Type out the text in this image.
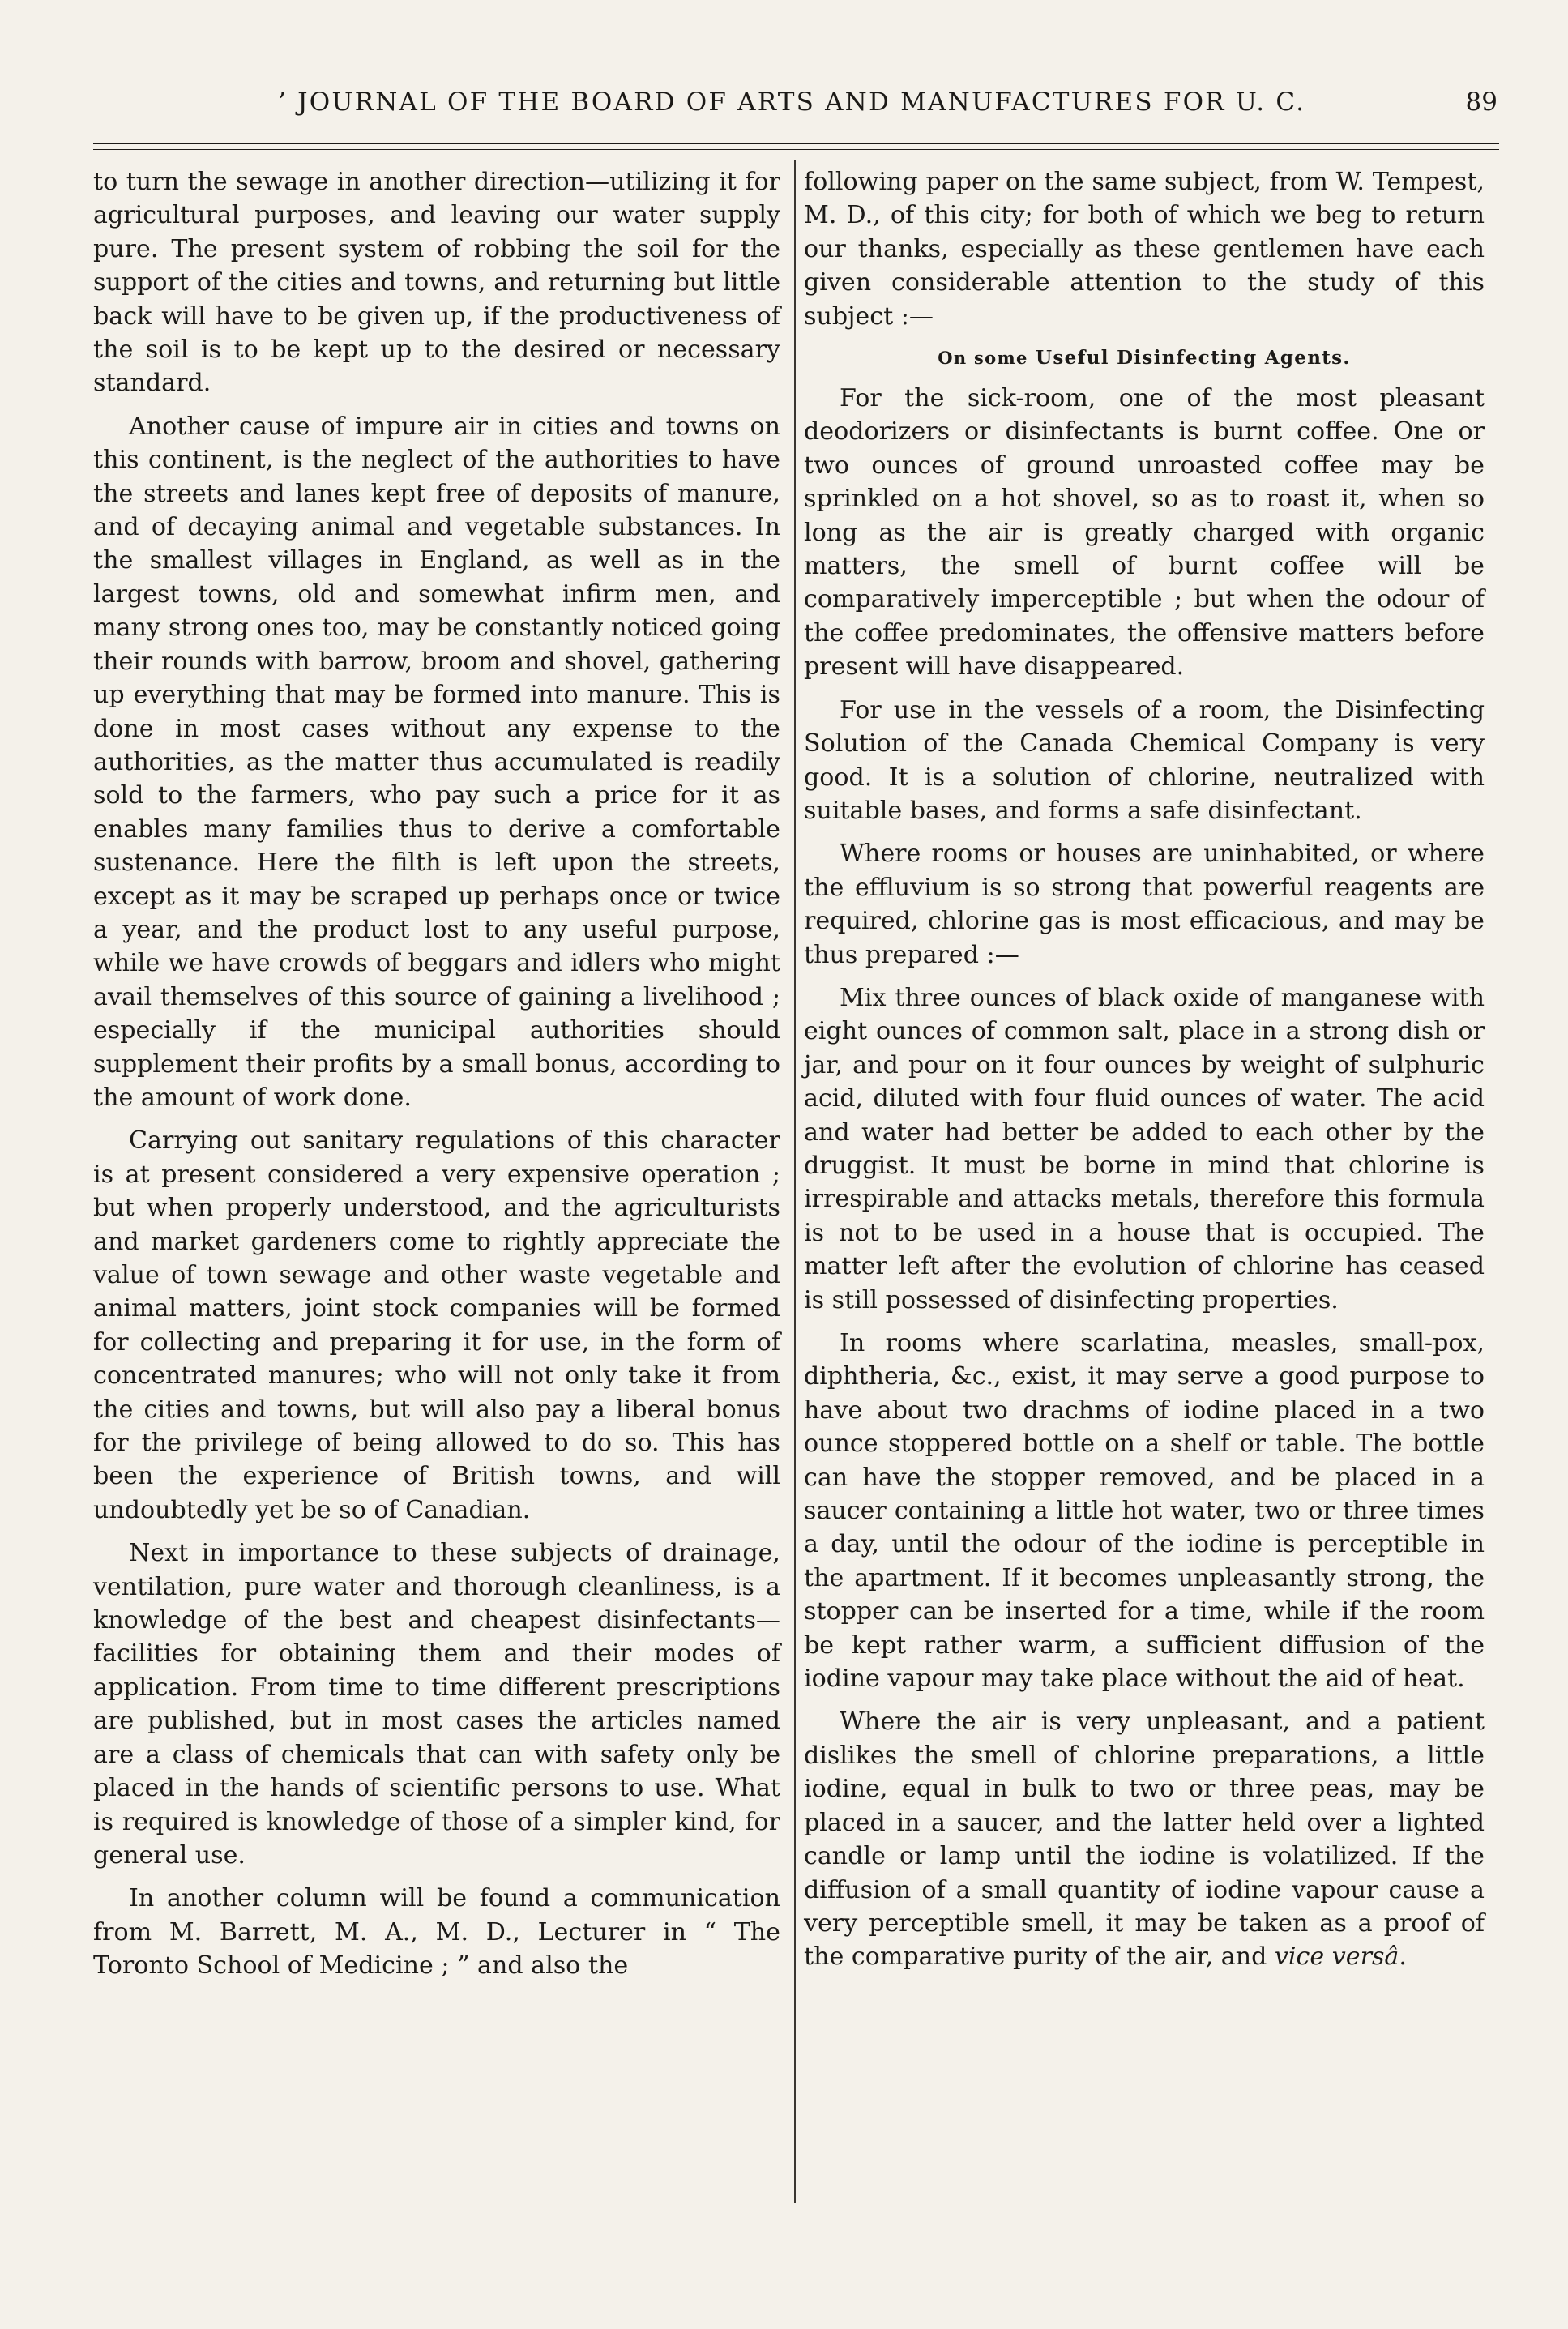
’ JOURNAL OF THE BOARD OF ARTS AND MANUFACTURES FOR U. C.	89

to turn the sewage in another direction—utilizing it for agricultural purposes, and leaving our water supply pure. The present system of robbing the soil for the support of the cities and towns, and returning but little back will have to be given up, if the productiveness of the soil is to be kept up to the desired or necessary standard.

Another cause of impure air in cities and towns on this continent, is the neglect of the authorities to have the streets and lanes kept free of deposits of manure, and of decaying animal and vegetable substances. In the smallest villages in England, as well as in the largest towns, old and somewhat infirm men, and many strong ones too, may be constantly noticed going their rounds with barrow, broom and shovel, gathering up everything that may be formed into manure. This is done in most cases without any expense to the authorities, as the matter thus accumulated is readily sold to the farmers, who pay such a price for it as enables many families thus to derive a comfortable sustenance. Here the filth is left upon the streets, except as it may be scraped up perhaps once or twice a year, and the product lost to any useful purpose, while we have crowds of beggars and idlers who might avail themselves of this source of gaining a livelihood ; especially if the municipal authorities should supplement their profits by a small bonus, according to the amount of work done.

Carrying out sanitary regulations of this character is at present considered a very expensive operation ; but when properly understood, and the agriculturists and market gardeners come to rightly appreciate the value of town sewage and other waste vegetable and animal matters, joint stock companies will be formed for collecting and preparing it for use, in the form of concentrated manures; who will not only take it from the cities and towns, but will also pay a liberal bonus for the privilege of being allowed to do so. This has been the experience of British towns, and will undoubtedly yet be so of Canadian.

Next in importance to these subjects of drainage, ventilation, pure water and thorough cleanliness, is a knowledge of the best and cheapest disinfectants—facilities for obtaining them and their modes of application. From time to time different prescriptions are published, but in most cases the articles named are a class of chemicals that can with safety only be placed in the hands of scientific persons to use. What is required is knowledge of those of a simpler kind, for general use.

In another column will be found a communication from M. Barrett, M. A., M. D., Lecturer in “ The Toronto School of Medicine ; ” and also the

following paper on the same subject, from W. Tempest, M. D., of this city; for both of which we beg to return our thanks, especially as these gentlemen have each given considerable attention to the study of this subject :—

On some Useful Disinfecting Agents.

For the sick-room, one of the most pleasant deodorizers or disinfectants is burnt coffee. One or two ounces of ground unroasted coffee may be sprinkled on a hot shovel, so as to roast it, when so long as the air is greatly charged with organic matters, the smell of burnt coffee will be comparatively imperceptible ; but when the odour of the coffee predominates, the offensive matters before present will have disappeared.

For use in the vessels of a room, the Disinfecting Solution of the Canada Chemical Company is very good. It is a solution of chlorine, neutralized with suitable bases, and forms a safe disinfectant.

Where rooms or houses are uninhabited, or where the effluvium is so strong that powerful reagents are required, chlorine gas is most efficacious, and may be thus prepared :—

Mix three ounces of black oxide of manganese with eight ounces of common salt, place in a strong dish or jar, and pour on it four ounces by weight of sulphuric acid, diluted with four fluid ounces of water. The acid and water had better be added to each other by the druggist. It must be borne in mind that chlorine is irrespirable and attacks metals, therefore this formula is not to be used in a house that is occupied. The matter left after the evolution of chlorine has ceased is still possessed of disinfecting properties.

In rooms where scarlatina, measles, small-pox, diphtheria, &c., exist, it may serve a good purpose to have about two drachms of iodine placed in a two ounce stoppered bottle on a shelf or table. The bottle can have the stopper removed, and be placed in a saucer containing a little hot water, two or three times a day, until the odour of the iodine is perceptible in the apartment. If it becomes unpleasantly strong, the stopper can be inserted for a time, while if the room be kept rather warm, a sufficient diffusion of the iodine vapour may take place without the aid of heat.

Where the air is very unpleasant, and a patient dislikes the smell of chlorine preparations, a little iodine, equal in bulk to two or three peas, may be placed in a saucer, and the latter held over a lighted candle or lamp until the iodine is volatilized. If the diffusion of a small quantity of iodine vapour cause a very perceptible smell, it may be taken as a proof of the comparative purity of the air, and vice versâ.
